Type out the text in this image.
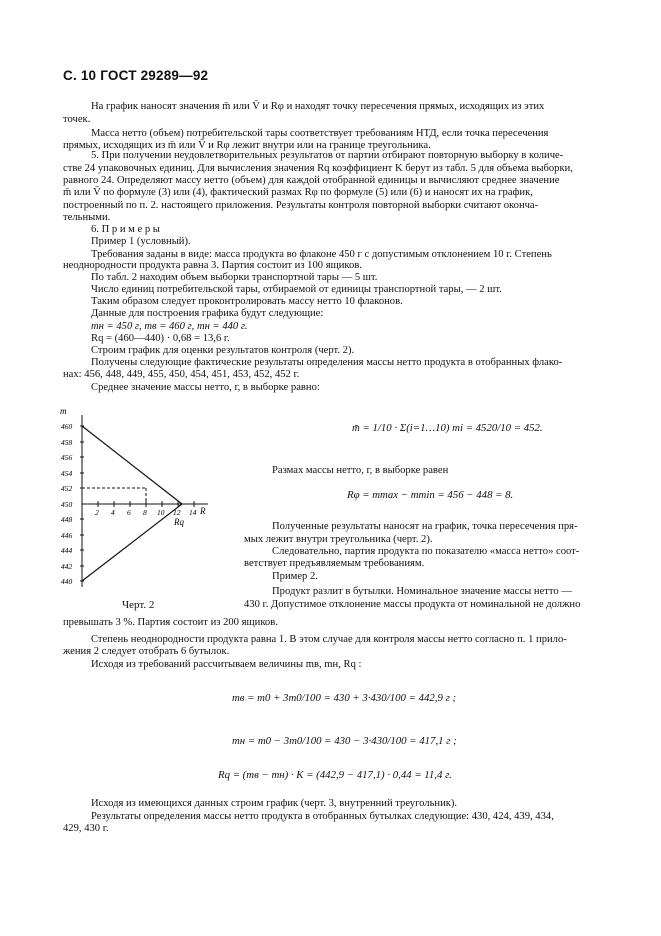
С. 10 ГОСТ 29289—92
На график наносят значения m̄ или V̄ и Rφ и находят точку пересечения прямых, исходящих из этих
точек.
Масса нетто (объем) потребительской тары соответствует требованиям НТД, если точка пересечения
прямых, исходящих из m̄ или V̄ и Rφ лежит внутри или на границе треугольника.
5. При получении неудовлетворительных результатов от партии отбирают повторную выборку в количе-
стве 24 упаковочных единиц. Для вычисления значения Rq коэффициент K берут из табл. 5 для объема выборки,
равного 24. Определяют массу нетто (объем) для каждой отобранной единицы и вычисляют среднее значение
m̄ или V̄ по формуле (3) или (4), фактический размах Rφ по формуле (5) или (6) и наносят их на график,
построенный по п. 2. настоящего приложения. Результаты контроля повторной выборки считают оконча-
тельными.
6. П р и м е р ы
Пример 1 (условный).
Требования заданы в виде: масса продукта во флаконе 450 г с допустимым отклонением 10 г. Степень
неоднородности продукта равна 3. Партия состоит из 100 ящиков.
По табл. 2 находим объем выборки транспортной тары — 5 шт.
Число единиц потребительской тары, отбираемой от единицы транспортной тары, — 2 шт.
Таким образом следует проконтролировать массу нетто 10 флаконов.
Данные для построения графика будут следующие:
mн = 450 г, mв = 460 г, mн = 440 г.
Rq = (460—440) · 0,68 = 13,6 г.
Строим график для оценки результатов контроля (черт. 2).
Получены следующие фактические результаты определения массы нетто продукта в отобранных флако-
нах: 456, 448, 449, 455, 450, 454, 451, 453, 452, 452 г.
Среднее значение массы нетто, г, в выборке равно:
m̄ = 1/10 · Σ(i=1…10) mi = 4520/10 = 452.
Размах массы нетто, г, в выборке равен
Rφ = mmax − mmin = 456 − 448 = 8.
Полученные результаты наносят на график, точка пересечения пря-
мых лежит внутри треугольника (черт. 2).
Следовательно, партия продукта по показателю «масса нетто» соот-
ветствует предъявляемым требованиям.
Пример 2.
Продукт разлит в бутылки. Номинальное значение массы нетто —
430 г. Допустимое отклонение массы продукта от номинальной не должно
превышать 3 %. Партия состоит из 200 ящиков.
Степень неоднородности продукта равна 1. В этом случае для контроля массы нетто согласно п. 1 прило-
жения 2 следует отобрать 6 бутылок.
Исходя из требований рассчитываем величины mв, mн, Rq :
mв = m0 + 3m0/100 = 430 + 3·430/100 = 442,9 г ;
mн = m0 − 3m0/100 = 430 − 3·430/100 = 417,1 г ;
Rq = (mв − mн) · K = (442,9 − 417,1) · 0,44 = 11,4 г.
Исходя из имеющихся данных строим график (черт. 3, внутренний треугольник).
Результаты определения массы нетто продукта в отобранных бутылках следующие: 430, 424, 439, 434,
429, 430 г.
m
R
Rq
460
458
456
454
452
450
448
446
444
442
440
2 4 6 8 10 12 14
Черт. 2
